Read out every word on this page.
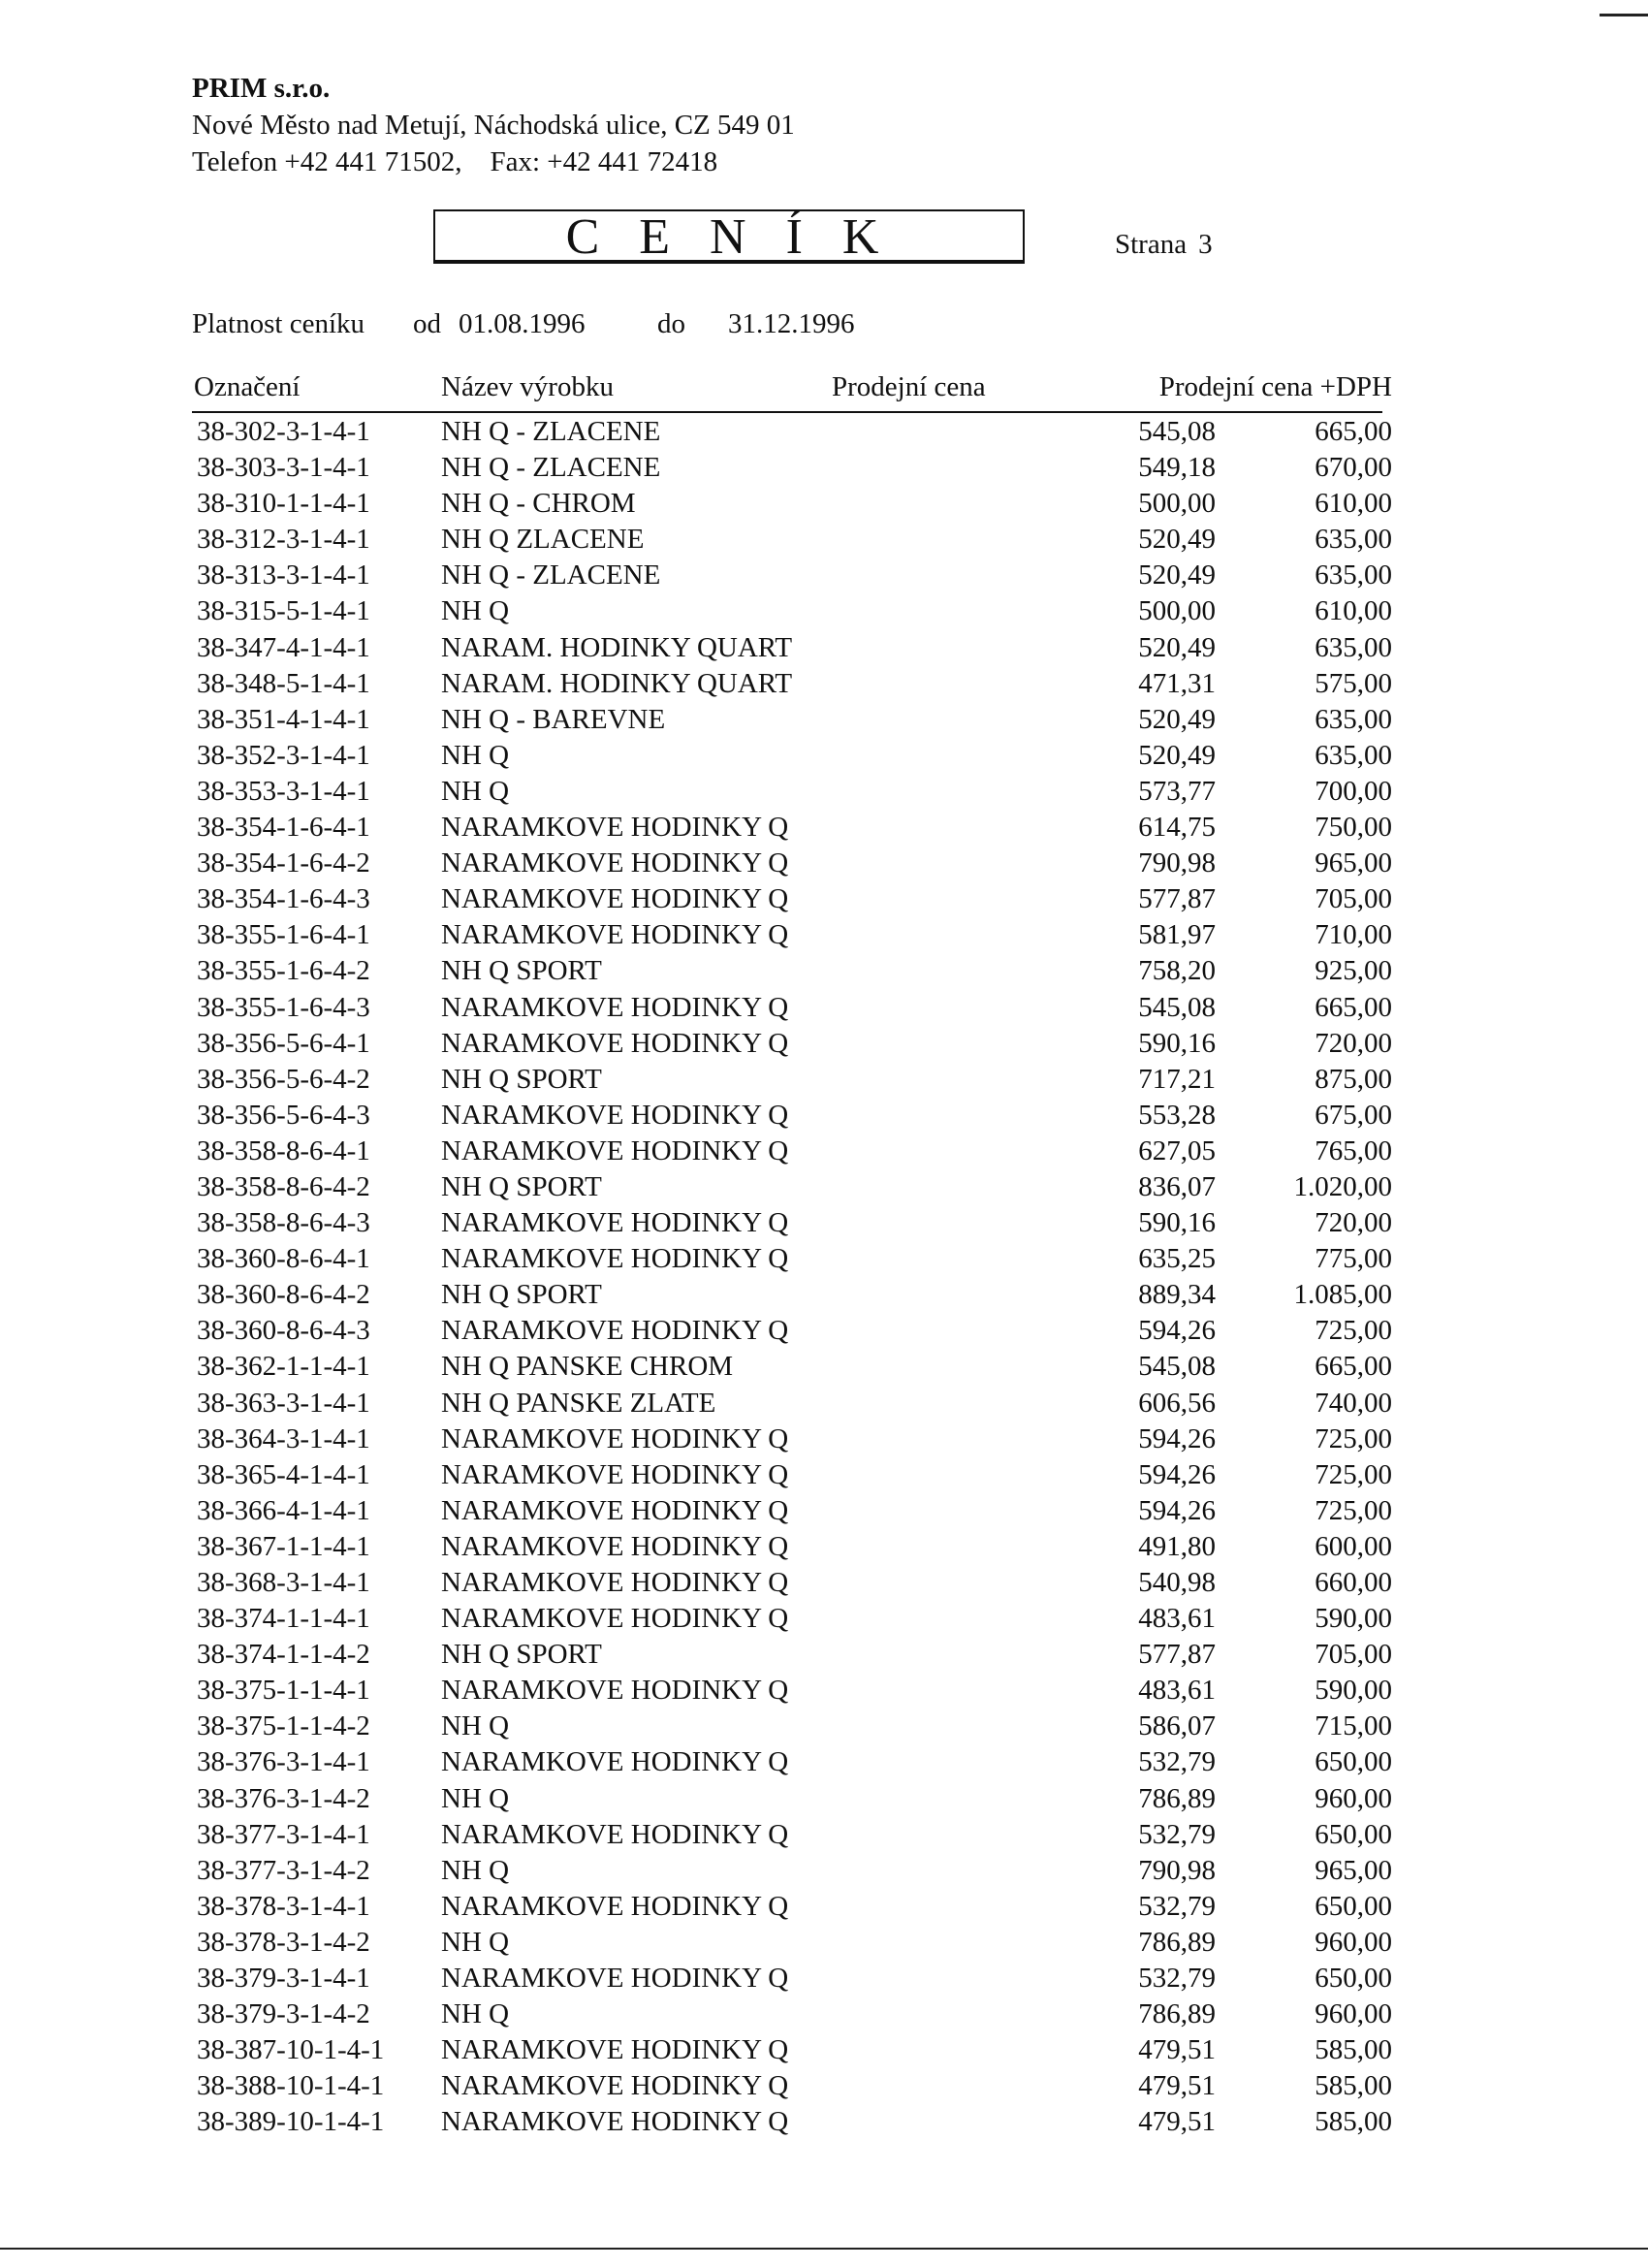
PRIM s.r.o.
Nové Město nad Metují, Náchodská ulice, CZ 549 01
Telefon +42 441 71502,    Fax: +42 441 72418
C E N Í K	Strana 3
Platnost ceníku od 01.08.1996	do 31.12.1996
Označení	Název výrobku	Prodejní cena	Prodejní cena +DPH
38-302-3-1-4-1	NH Q - ZLACENE	545,08	665,00
38-303-3-1-4-1	NH Q - ZLACENE	549,18	670,00
38-310-1-1-4-1	NH Q - CHROM	500,00	610,00
38-312-3-1-4-1	NH Q ZLACENE	520,49	635,00
38-313-3-1-4-1	NH Q - ZLACENE	520,49	635,00
38-315-5-1-4-1	NH Q	500,00	610,00
38-347-4-1-4-1	NARAM. HODINKY QUART	520,49	635,00
38-348-5-1-4-1	NARAM. HODINKY QUART	471,31	575,00
38-351-4-1-4-1	NH Q - BAREVNE	520,49	635,00
38-352-3-1-4-1	NH Q	520,49	635,00
38-353-3-1-4-1	NH Q	573,77	700,00
38-354-1-6-4-1	NARAMKOVE HODINKY Q	614,75	750,00
38-354-1-6-4-2	NARAMKOVE HODINKY Q	790,98	965,00
38-354-1-6-4-3	NARAMKOVE HODINKY Q	577,87	705,00
38-355-1-6-4-1	NARAMKOVE HODINKY Q	581,97	710,00
38-355-1-6-4-2	NH Q SPORT	758,20	925,00
38-355-1-6-4-3	NARAMKOVE HODINKY Q	545,08	665,00
38-356-5-6-4-1	NARAMKOVE HODINKY Q	590,16	720,00
38-356-5-6-4-2	NH Q SPORT	717,21	875,00
38-356-5-6-4-3	NARAMKOVE HODINKY Q	553,28	675,00
38-358-8-6-4-1	NARAMKOVE HODINKY Q	627,05	765,00
38-358-8-6-4-2	NH Q SPORT	836,07	1.020,00
38-358-8-6-4-3	NARAMKOVE HODINKY Q	590,16	720,00
38-360-8-6-4-1	NARAMKOVE HODINKY Q	635,25	775,00
38-360-8-6-4-2	NH Q SPORT	889,34	1.085,00
38-360-8-6-4-3	NARAMKOVE HODINKY Q	594,26	725,00
38-362-1-1-4-1	NH Q PANSKE CHROM	545,08	665,00
38-363-3-1-4-1	NH Q PANSKE ZLATE	606,56	740,00
38-364-3-1-4-1	NARAMKOVE HODINKY Q	594,26	725,00
38-365-4-1-4-1	NARAMKOVE HODINKY Q	594,26	725,00
38-366-4-1-4-1	NARAMKOVE HODINKY Q	594,26	725,00
38-367-1-1-4-1	NARAMKOVE HODINKY Q	491,80	600,00
38-368-3-1-4-1	NARAMKOVE HODINKY Q	540,98	660,00
38-374-1-1-4-1	NARAMKOVE HODINKY Q	483,61	590,00
38-374-1-1-4-2	NH Q SPORT	577,87	705,00
38-375-1-1-4-1	NARAMKOVE HODINKY Q	483,61	590,00
38-375-1-1-4-2	NH Q	586,07	715,00
38-376-3-1-4-1	NARAMKOVE HODINKY Q	532,79	650,00
38-376-3-1-4-2	NH Q	786,89	960,00
38-377-3-1-4-1	NARAMKOVE HODINKY Q	532,79	650,00
38-377-3-1-4-2	NH Q	790,98	965,00
38-378-3-1-4-1	NARAMKOVE HODINKY Q	532,79	650,00
38-378-3-1-4-2	NH Q	786,89	960,00
38-379-3-1-4-1	NARAMKOVE HODINKY Q	532,79	650,00
38-379-3-1-4-2	NH Q	786,89	960,00
38-387-10-1-4-1 NARAMKOVE HODINKY Q	479,51	585,00
38-388-10-1-4-1 NARAMKOVE HODINKY Q	479,51	585,00
38-389-10-1-4-1 NARAMKOVE HODINKY Q	479,51	585,00
